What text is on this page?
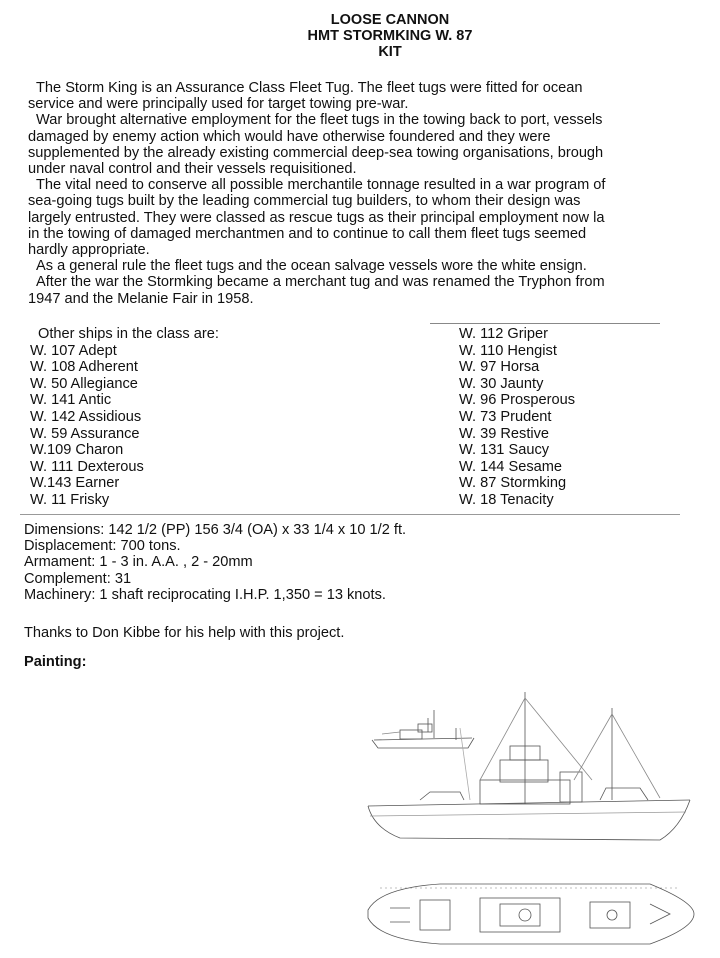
LOOSE CANNON
HMT STORMKING W. 87
KIT

The Storm King is an Assurance Class Fleet Tug. The fleet tugs were fitted for ocean

service and were principally used for target towing pre-war.

War brought alternative employment for the fleet tugs in the towing back to port, vessels

damaged by enemy action which would have otherwise foundered and they were

supplemented by the already existing commercial deep-sea towing organisations, brough

under naval control and their vessels requisitioned.

The vital need to conserve all possible merchantile tonnage resulted in a war program of

sea-going tugs built by the leading commercial tug builders, to whom their design was

largely entrusted. They were classed as rescue tugs as their principal employment now la

in the towing of damaged merchantmen and to continue to call them fleet tugs seemed

hardly appropriate.

As a general rule the fleet tugs and the ocean salvage vessels wore the white ensign.

After the war the Stormking became a merchant tug and was renamed the Tryphon from

1947 and the Melanie Fair in 1958.

Other ships in the class are:
W. 107 Adept
W. 108 Adherent
W. 50 Allegiance
W. 141 Antic
W. 142 Assidious
W. 59 Assurance
W.109 Charon
W. 111 Dexterous
W.143 Earner
W. 11 Frisky
W. 112 Griper
W. 110 Hengist
W. 97 Horsa
W. 30 Jaunty
W. 96 Prosperous
W. 73 Prudent
W. 39 Restive
W. 131 Saucy
W. 144 Sesame
W. 87 Stormking
W. 18 Tenacity
Dimensions: 142 1/2 (PP) 156 3/4 (OA) x 33 1/4 x 10 1/2 ft.
Displacement: 700 tons.
Armament: 1 - 3 in. A.A. , 2 - 20mm
Complement: 31
Machinery: 1 shaft reciprocating I.H.P. 1,350 = 13 knots.
Thanks to Don Kibbe for his help with this project.
Painting:
